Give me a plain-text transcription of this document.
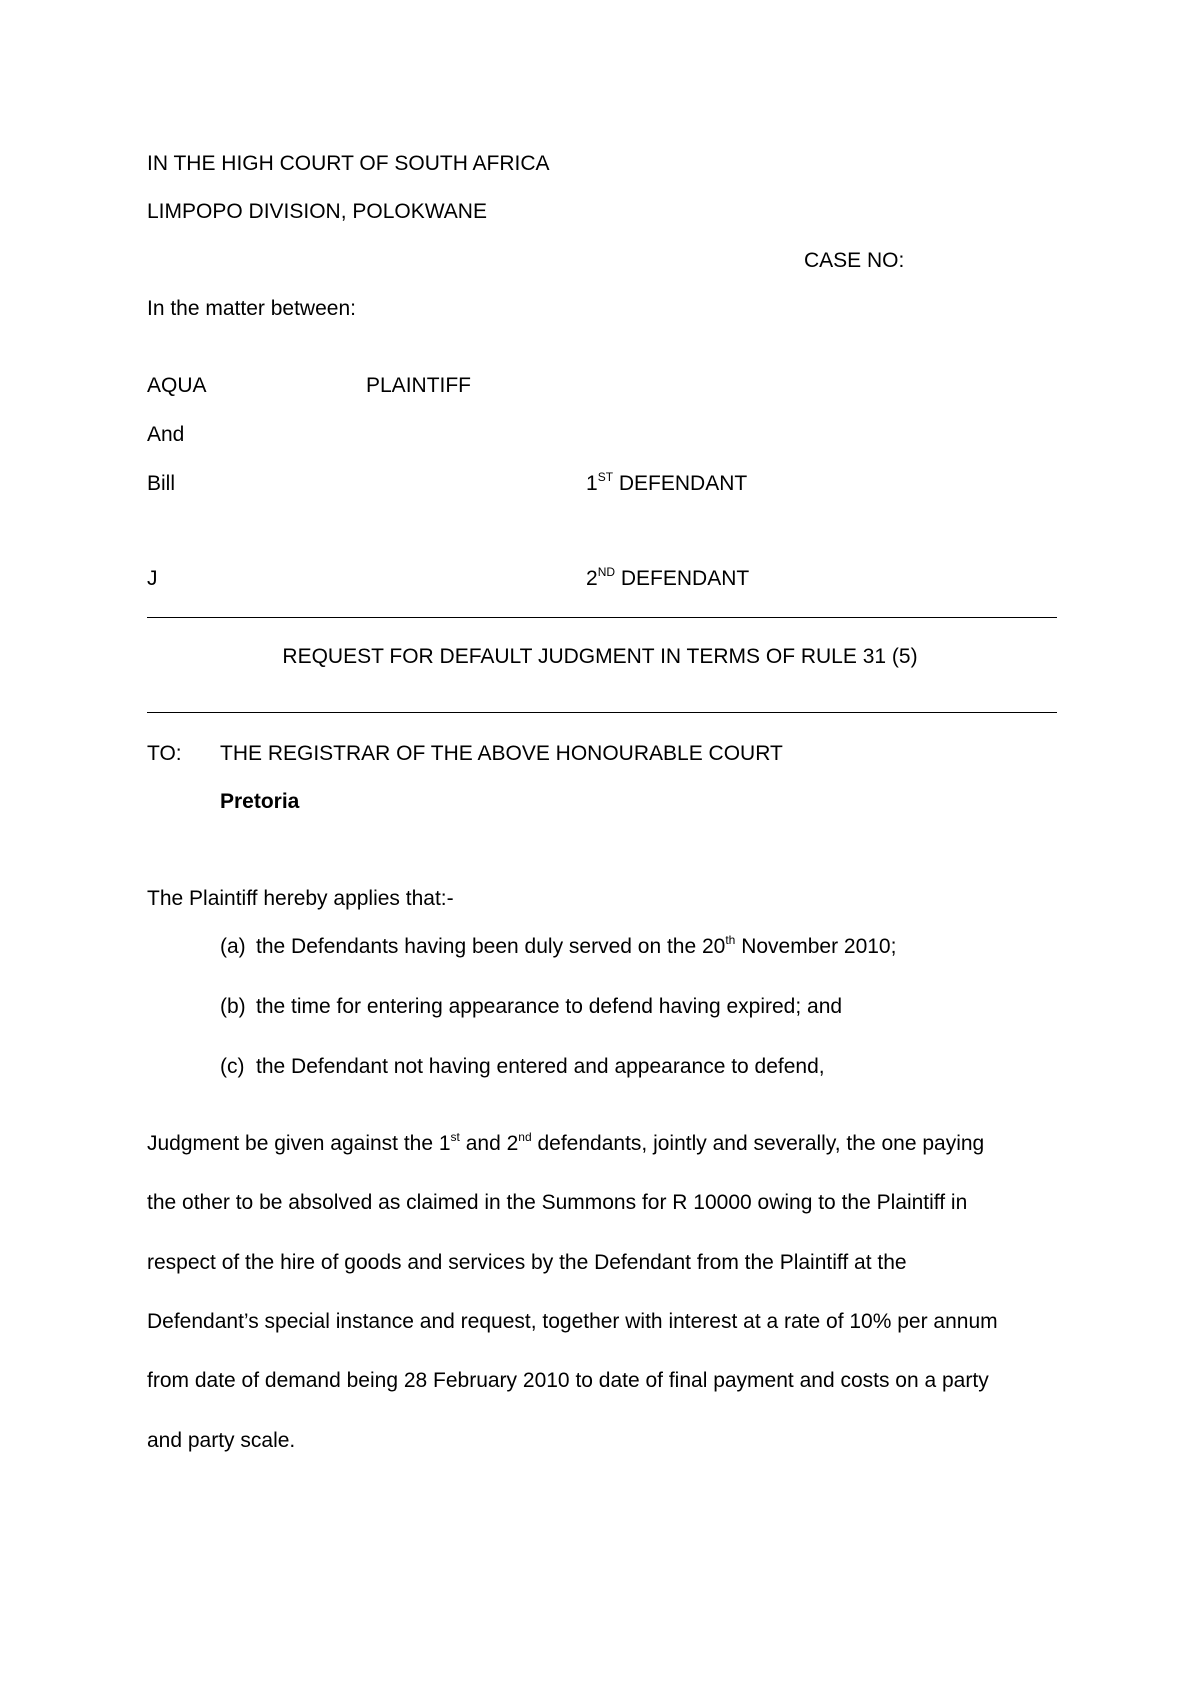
IN THE HIGH COURT OF SOUTH AFRICA
LIMPOPO DIVISION, POLOKWANE
CASE NO:
In the matter between:
AQUA	PLAINTIFF
And
Bill	1ST DEFENDANT
J	2ND DEFENDANT
REQUEST FOR DEFAULT JUDGMENT IN TERMS OF RULE 31 (5)
TO: THE REGISTRAR OF THE ABOVE HONOURABLE COURT
Pretoria
The Plaintiff hereby applies that:-
(a) the Defendants having been duly served on the 20th November 2010;
(b) the time for entering appearance to defend having expired; and
(c) the Defendant not having entered and appearance to defend,
Judgment be given against the 1st and 2nd defendants, jointly and severally, the one paying
the other to be absolved as claimed in the Summons for R 10000 owing to the Plaintiff in
respect of the hire of goods and services by the Defendant from the Plaintiff at the
Defendant’s special instance and request, together with interest at a rate of 10% per annum
from date of demand being 28 February 2010 to date of final payment and costs on a party
and party scale.
